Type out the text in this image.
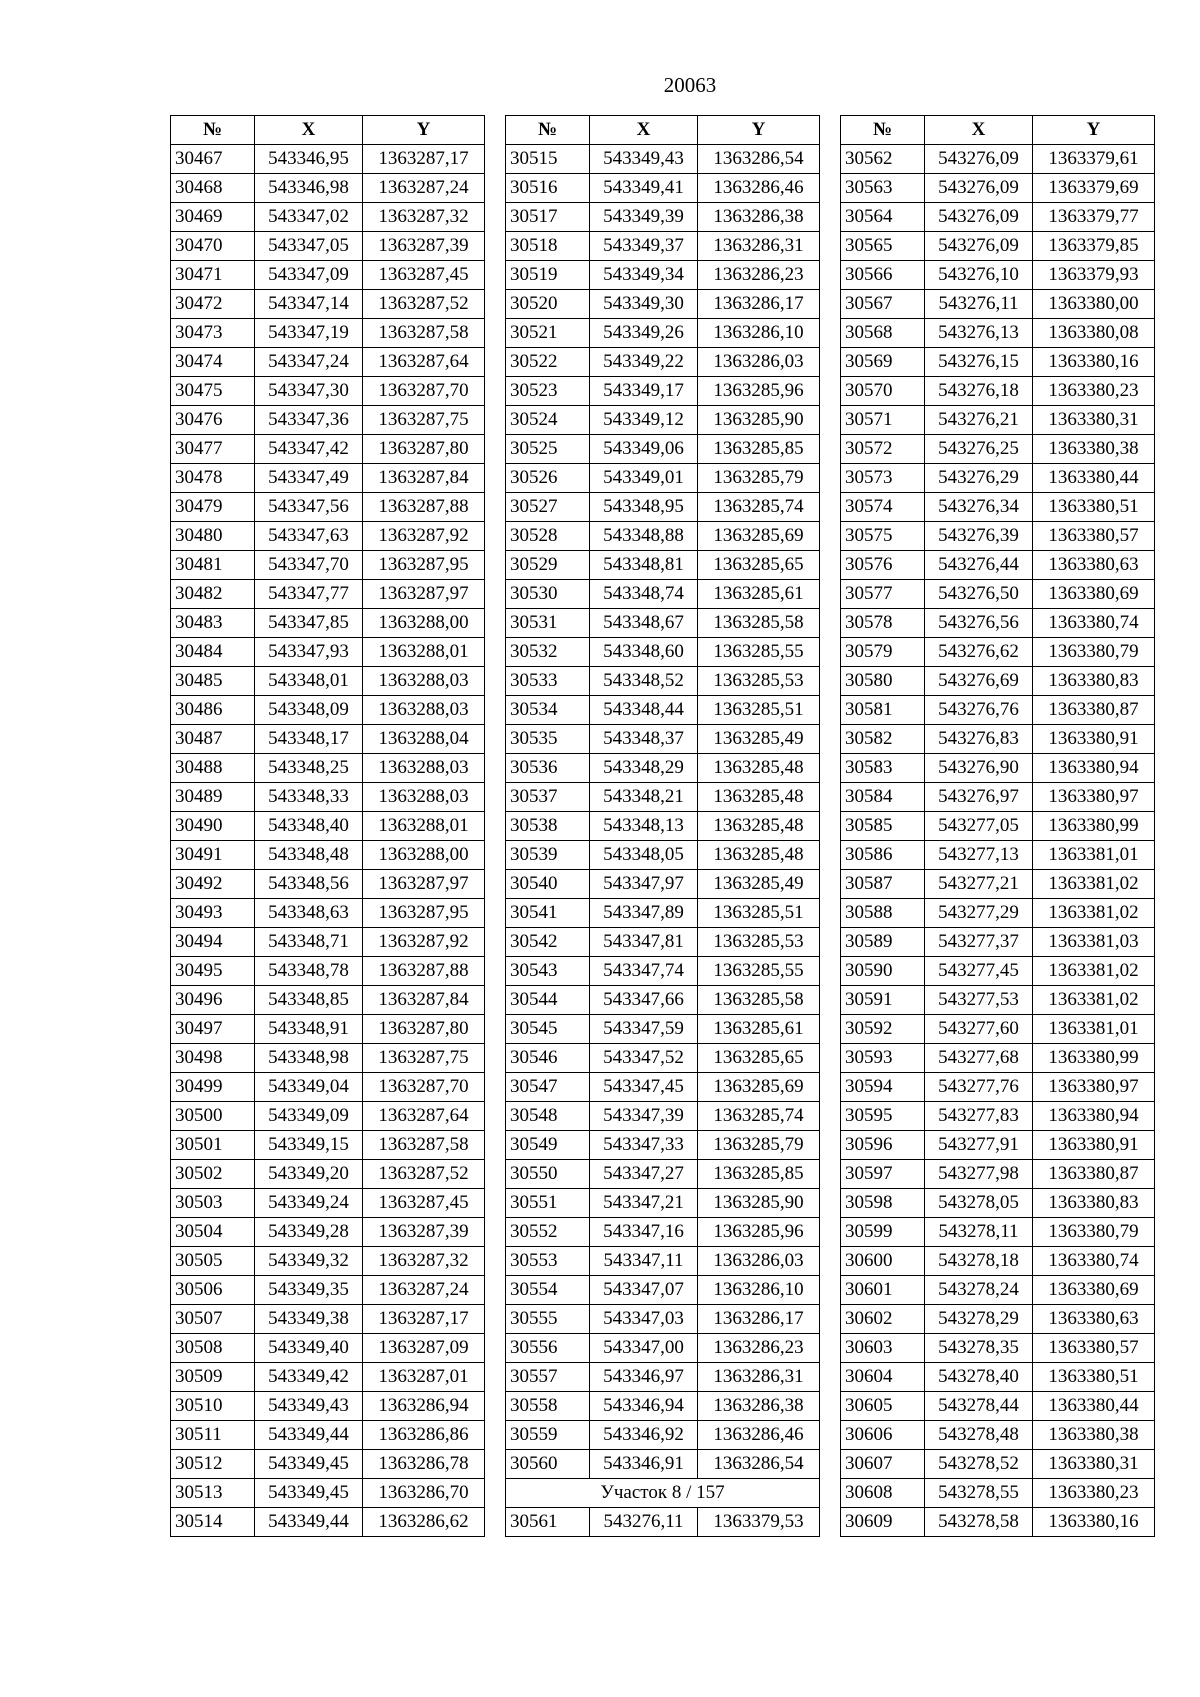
20063
№	X	Y
30467	543346,95	1363287,17
30468	543346,98	1363287,24
30469	543347,02	1363287,32
30470	543347,05	1363287,39
30471	543347,09	1363287,45
30472	543347,14	1363287,52
30473	543347,19	1363287,58
30474	543347,24	1363287,64
30475	543347,30	1363287,70
30476	543347,36	1363287,75
30477	543347,42	1363287,80
30478	543347,49	1363287,84
30479	543347,56	1363287,88
30480	543347,63	1363287,92
30481	543347,70	1363287,95
30482	543347,77	1363287,97
30483	543347,85	1363288,00
30484	543347,93	1363288,01
30485	543348,01	1363288,03
30486	543348,09	1363288,03
30487	543348,17	1363288,04
30488	543348,25	1363288,03
30489	543348,33	1363288,03
30490	543348,40	1363288,01
30491	543348,48	1363288,00
30492	543348,56	1363287,97
30493	543348,63	1363287,95
30494	543348,71	1363287,92
30495	543348,78	1363287,88
30496	543348,85	1363287,84
30497	543348,91	1363287,80
30498	543348,98	1363287,75
30499	543349,04	1363287,70
30500	543349,09	1363287,64
30501	543349,15	1363287,58
30502	543349,20	1363287,52
30503	543349,24	1363287,45
30504	543349,28	1363287,39
30505	543349,32	1363287,32
30506	543349,35	1363287,24
30507	543349,38	1363287,17
30508	543349,40	1363287,09
30509	543349,42	1363287,01
30510	543349,43	1363286,94
30511	543349,44	1363286,86
30512	543349,45	1363286,78
30513	543349,45	1363286,70
30514	543349,44	1363286,62
№	X	Y
30515	543349,43	1363286,54
30516	543349,41	1363286,46
30517	543349,39	1363286,38
30518	543349,37	1363286,31
30519	543349,34	1363286,23
30520	543349,30	1363286,17
30521	543349,26	1363286,10
30522	543349,22	1363286,03
30523	543349,17	1363285,96
30524	543349,12	1363285,90
30525	543349,06	1363285,85
30526	543349,01	1363285,79
30527	543348,95	1363285,74
30528	543348,88	1363285,69
30529	543348,81	1363285,65
30530	543348,74	1363285,61
30531	543348,67	1363285,58
30532	543348,60	1363285,55
30533	543348,52	1363285,53
30534	543348,44	1363285,51
30535	543348,37	1363285,49
30536	543348,29	1363285,48
30537	543348,21	1363285,48
30538	543348,13	1363285,48
30539	543348,05	1363285,48
30540	543347,97	1363285,49
30541	543347,89	1363285,51
30542	543347,81	1363285,53
30543	543347,74	1363285,55
30544	543347,66	1363285,58
30545	543347,59	1363285,61
30546	543347,52	1363285,65
30547	543347,45	1363285,69
30548	543347,39	1363285,74
30549	543347,33	1363285,79
30550	543347,27	1363285,85
30551	543347,21	1363285,90
30552	543347,16	1363285,96
30553	543347,11	1363286,03
30554	543347,07	1363286,10
30555	543347,03	1363286,17
30556	543347,00	1363286,23
30557	543346,97	1363286,31
30558	543346,94	1363286,38
30559	543346,92	1363286,46
30560	543346,91	1363286,54
Участок 8 / 157		
30561	543276,11	1363379,53
№	X	Y
30562	543276,09	1363379,61
30563	543276,09	1363379,69
30564	543276,09	1363379,77
30565	543276,09	1363379,85
30566	543276,10	1363379,93
30567	543276,11	1363380,00
30568	543276,13	1363380,08
30569	543276,15	1363380,16
30570	543276,18	1363380,23
30571	543276,21	1363380,31
30572	543276,25	1363380,38
30573	543276,29	1363380,44
30574	543276,34	1363380,51
30575	543276,39	1363380,57
30576	543276,44	1363380,63
30577	543276,50	1363380,69
30578	543276,56	1363380,74
30579	543276,62	1363380,79
30580	543276,69	1363380,83
30581	543276,76	1363380,87
30582	543276,83	1363380,91
30583	543276,90	1363380,94
30584	543276,97	1363380,97
30585	543277,05	1363380,99
30586	543277,13	1363381,01
30587	543277,21	1363381,02
30588	543277,29	1363381,02
30589	543277,37	1363381,03
30590	543277,45	1363381,02
30591	543277,53	1363381,02
30592	543277,60	1363381,01
30593	543277,68	1363380,99
30594	543277,76	1363380,97
30595	543277,83	1363380,94
30596	543277,91	1363380,91
30597	543277,98	1363380,87
30598	543278,05	1363380,83
30599	543278,11	1363380,79
30600	543278,18	1363380,74
30601	543278,24	1363380,69
30602	543278,29	1363380,63
30603	543278,35	1363380,57
30604	543278,40	1363380,51
30605	543278,44	1363380,44
30606	543278,48	1363380,38
30607	543278,52	1363380,31
30608	543278,55	1363380,23
30609	543278,58	1363380,16
